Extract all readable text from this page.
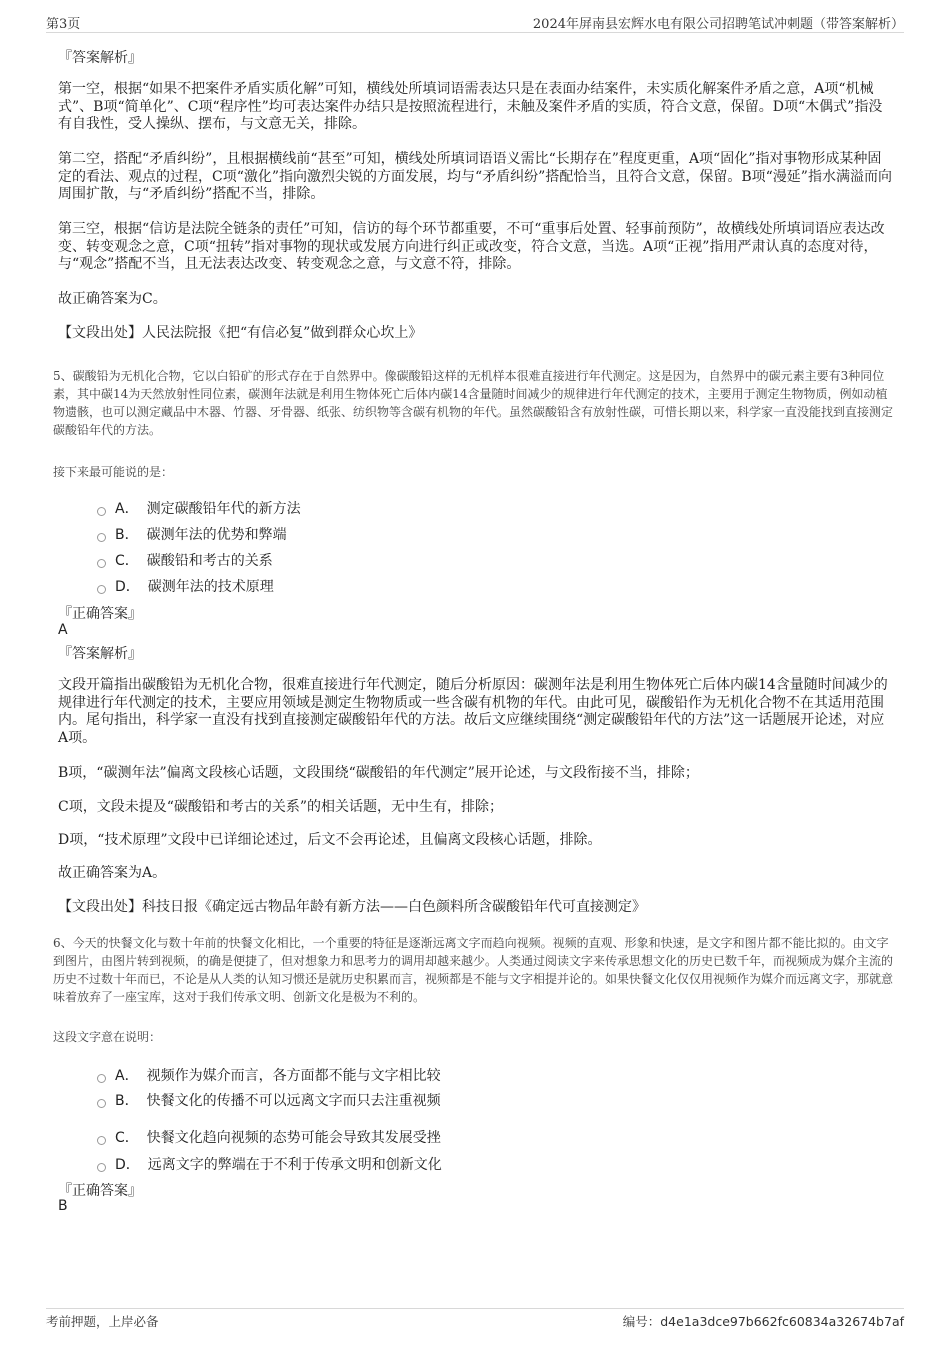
第3页	2024年屏南县宏辉水电有限公司招聘笔试冲刺题（带答案解析）
『答案解析』

第一空，根据“如果不把案件矛盾实质化解”可知，横线处所填词语需表达只是在表面办结案件，未实质化解案件矛盾之意，A项“机械式”、B项“简单化”、C项“程序性”均可表达案件办结只是按照流程进行，未触及案件矛盾的实质，符合文意，保留。D项“木偶式”指没有自我性，受人操纵、摆布，与文意无关，排除。

第二空，搭配“矛盾纠纷”，且根据横线前“甚至”可知，横线处所填词语语义需比“长期存在”程度更重，A项“固化”指对事物形成某种固定的看法、观点的过程，C项“激化”指向激烈尖锐的方面发展，均与“矛盾纠纷”搭配恰当，且符合文意，保留。B项“漫延”指水满溢而向周围扩散，与“矛盾纠纷”搭配不当，排除。

第三空，根据“信访是法院全链条的责任”可知，信访的每个环节都重要，不可“重事后处置、轻事前预防”，故横线处所填词语应表达改变、转变观念之意，C项“扭转”指对事物的现状或发展方向进行纠正或改变，符合文意，当选。A项“正视”指用严肃认真的态度对待，与“观念”搭配不当，且无法表达改变、转变观念之意，与文意不符，排除。

故正确答案为C。

【文段出处】人民法院报《把“有信必复”做到群众心坎上》

5、碳酸铅为无机化合物，它以白铅矿的形式存在于自然界中。像碳酸铅这样的无机样本很难直接进行年代测定。这是因为，自然界中的碳元素主要有3种同位素，其中碳14为天然放射性同位素，碳测年法就是利用生物体死亡后体内碳14含量随时间减少的规律进行年代测定的技术，主要用于测定生物物质，例如动植物遗骸，也可以测定藏品中木器、竹器、牙骨器、纸张、纺织物等含碳有机物的年代。虽然碳酸铅含有放射性碳，可惜长期以来，科学家一直没能找到直接测定碳酸铅年代的方法。

接下来最可能说的是：

A． 测定碳酸铅年代的新方法
B． 碳测年法的优势和弊端
C． 碳酸铅和考古的关系
D． 碳测年法的技术原理
『正确答案』
A
『答案解析』

文段开篇指出碳酸铅为无机化合物，很难直接进行年代测定，随后分析原因：碳测年法是利用生物体死亡后体内碳14含量随时间减少的规律进行年代测定的技术，主要应用领域是测定生物物质或一些含碳有机物的年代。由此可见，碳酸铅作为无机化合物不在其适用范围内。尾句指出，科学家一直没有找到直接测定碳酸铅年代的方法。故后文应继续围绕“测定碳酸铅年代的方法”这一话题展开论述，对应A项。

B项，“碳测年法”偏离文段核心话题，文段围绕“碳酸铅的年代测定”展开论述，与文段衔接不当，排除；

C项，文段未提及“碳酸铅和考古的关系”的相关话题，无中生有，排除；

D项，“技术原理”文段中已详细论述过，后文不会再论述，且偏离文段核心话题，排除。

故正确答案为A。

【文段出处】科技日报《确定远古物品年龄有新方法——白色颜料所含碳酸铅年代可直接测定》

6、今天的快餐文化与数十年前的快餐文化相比，一个重要的特征是逐渐远离文字而趋向视频。视频的直观、形象和快速，是文字和图片都不能比拟的。由文字到图片，由图片转到视频，的确是便捷了，但对想象力和思考力的调用却越来越少。人类通过阅读文字来传承思想文化的历史已数千年，而视频成为媒介主流的历史不过数十年而已，不论是从人类的认知习惯还是就历史积累而言，视频都是不能与文字相提并论的。如果快餐文化仅仅用视频作为媒介而远离文字，那就意味着放弃了一座宝库，这对于我们传承文明、创新文化是极为不利的。

这段文字意在说明：

A． 视频作为媒介而言，各方面都不能与文字相比较
B． 快餐文化的传播不可以远离文字而只去注重视频
C． 快餐文化趋向视频的态势可能会导致其发展受挫
D． 远离文字的弊端在于不利于传承文明和创新文化
『正确答案』
B
考前押题，上岸必备	编号：d4e1a3dce97b662fc60834a32674b7af
